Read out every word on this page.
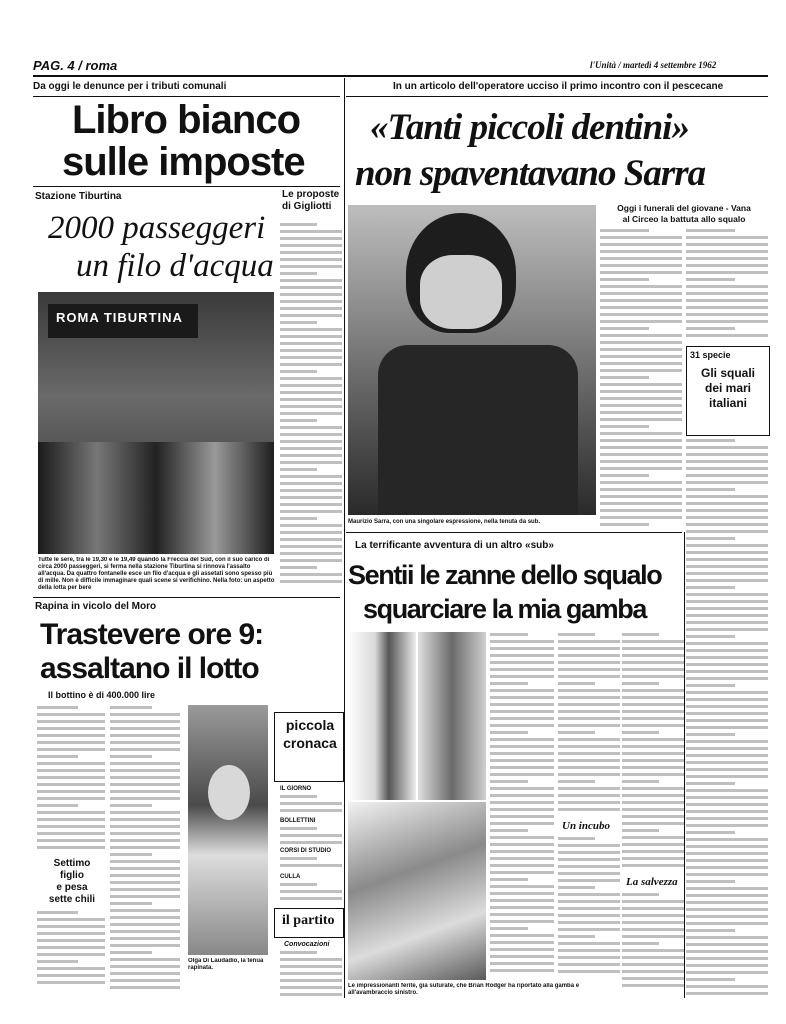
PAG. 4 / roma	l'Unità / martedì 4 settembre 1962
Da oggi le denunce per i tributi comunali
Libro bianco
sulle imposte
Le proposte di Gigliotti
Stazione Tiburtina
2000 passeggeri
un filo d'acqua
ROMA TIBURTINA
Tutte le sere, tra le 19,30 e le 19,49 quando la Freccia del Sud, con il suo carico di circa 2000 passeggeri, si ferma nella stazione Tiburtina si rinnova l'assalto all'acqua. Da quattro fontanelle esce un filo d'acqua e gli assetati sono spesso più di mille. Non è difficile immaginare quali scene si verifichino. Nella foto: un aspetto della lotta per bere
Rapina in vicolo del Moro
Trastevere ore 9:
assaltano il lotto
Il bottino è di 400.000 lire
Settimo
figlio
e pesa
sette chili
Olga Di Laudadio, la tenua rapinata.
piccola
cronaca
IL GIORNO
BOLLETTINI
CORSI DI STUDIO
CULLA
il partito
Convocazioni
In un articolo dell'operatore ucciso il primo incontro con il pescecane
«Tanti piccoli dentini»
non spaventavano Sarra
Maurizio Sarra, con una singolare espressione, nella tenuta da sub.
Oggi i funerali del giovane - Vana
al Circeo la battuta allo squalo
31 specie
Gli squali
dei mari
italiani
La terrificante avventura di un altro «sub»
Sentii le zanne dello squalo
squarciare la mia gamba
Le impressionanti ferite, già suturate, che Brian Rodger ha riportato alla gamba e all'avambraccio sinistro.
Un incubo
La salvezza
